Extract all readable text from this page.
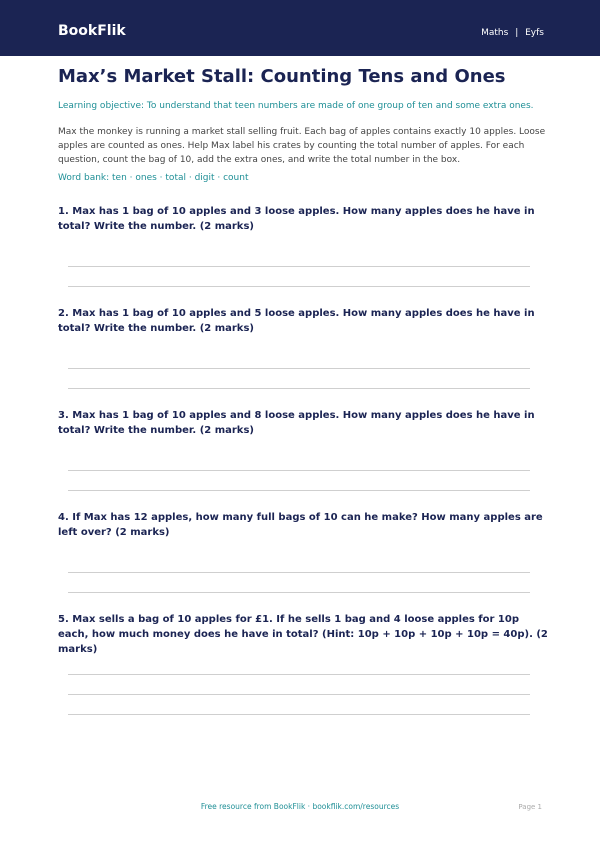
BookFlik	Maths | Eyfs
Max’s Market Stall: Counting Tens and Ones
Learning objective: To understand that teen numbers are made of one group of ten and some extra ones.
Max the monkey is running a market stall selling fruit. Each bag of apples contains exactly 10 apples. Loose apples are counted as ones. Help Max label his crates by counting the total number of apples. For each question, count the bag of 10, add the extra ones, and write the total number in the box.
Word bank: ten · ones · total · digit · count
1. Max has 1 bag of 10 apples and 3 loose apples. How many apples does he have in total? Write the number. (2 marks)
2. Max has 1 bag of 10 apples and 5 loose apples. How many apples does he have in total? Write the number. (2 marks)
3. Max has 1 bag of 10 apples and 8 loose apples. How many apples does he have in total? Write the number. (2 marks)
4. If Max has 12 apples, how many full bags of 10 can he make? How many apples are left over? (2 marks)
5. Max sells a bag of 10 apples for £1. If he sells 1 bag and 4 loose apples for 10p each, how much money does he have in total? (Hint: 10p + 10p + 10p + 10p = 40p). (2 marks)
Free resource from BookFlik · bookflik.com/resources	Page 1
